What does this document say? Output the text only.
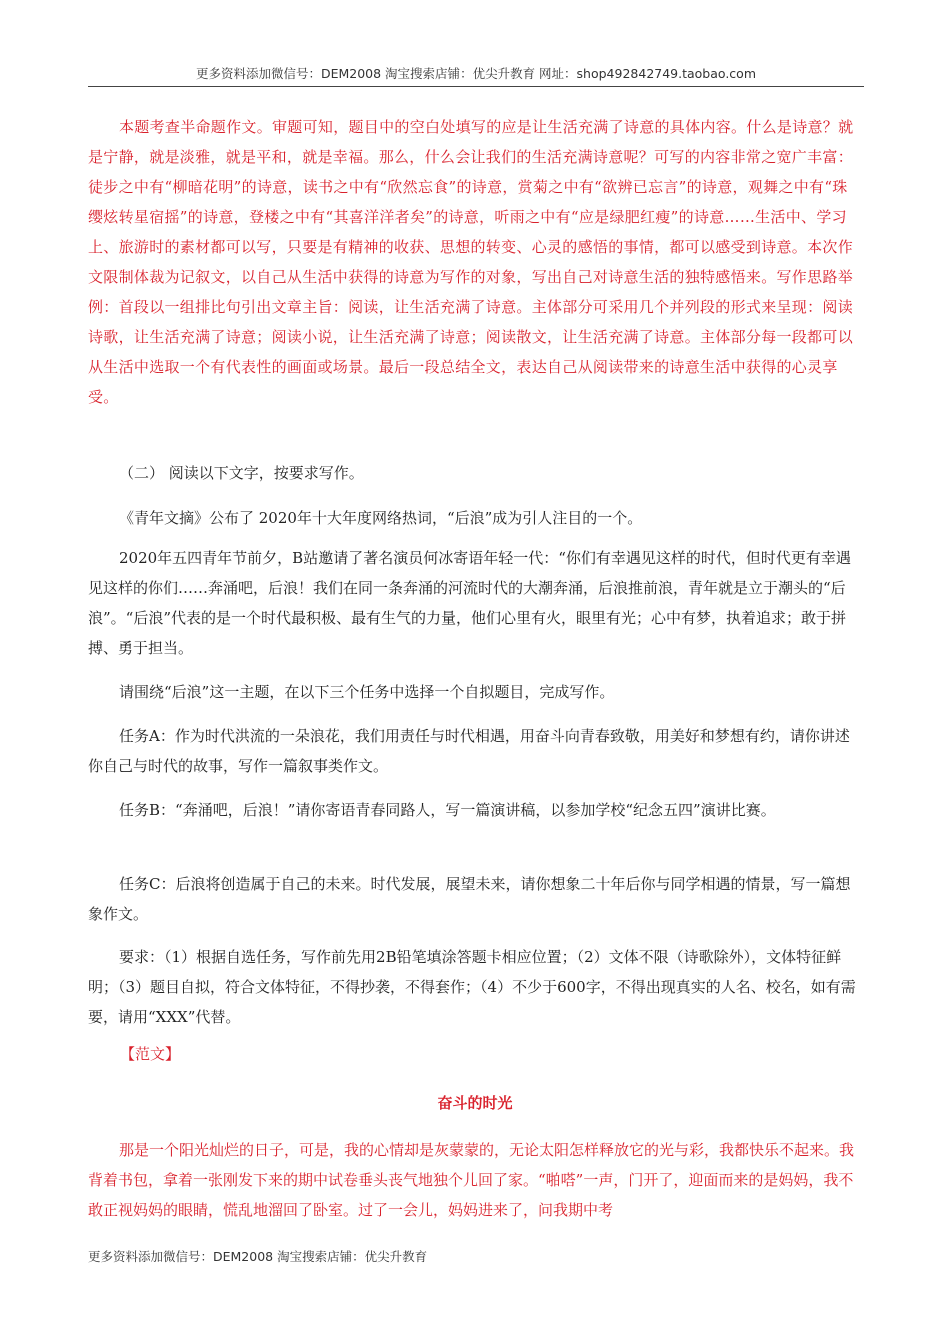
更多资料添加微信号：DEM2008 淘宝搜索店铺：优尖升教育 网址：shop492842749.taobao.com

本题考查半命题作文。审题可知，题目中的空白处填写的应是让生活充满了诗意的具体内容。什么是诗意？就是宁静，就是淡雅，就是平和，就是幸福。那么，什么会让我们的生活充满诗意呢？可写的内容非常之宽广丰富：徒步之中有“柳暗花明”的诗意，读书之中有“欣然忘食”的诗意，赏菊之中有“欲辨已忘言”的诗意，观舞之中有“珠缨炫转星宿摇”的诗意，登楼之中有“其喜洋洋者矣”的诗意，听雨之中有“应是绿肥红瘦”的诗意……生活中、学习上、旅游时的素材都可以写，只要是有精神的收获、思想的转变、心灵的感悟的事情，都可以感受到诗意。本次作文限制体裁为记叙文，以自己从生活中获得的诗意为写作的对象，写出自己对诗意生活的独特感悟来。写作思路举例：首段以一组排比句引出文章主旨：阅读，让生活充满了诗意。主体部分可采用几个并列段的形式来呈现：阅读诗歌，让生活充满了诗意；阅读小说，让生活充满了诗意；阅读散文，让生活充满了诗意。主体部分每一段都可以从生活中选取一个有代表性的画面或场景。最后一段总结全文，表达自己从阅读带来的诗意生活中获得的心灵享受。

（二） 阅读以下文字，按要求写作。

《青年文摘》公布了 2020年十大年度网络热词，“后浪”成为引人注目的一个。

2020年五四青年节前夕，B站邀请了著名演员何冰寄语年轻一代：“你们有幸遇见这样的时代，但时代更有幸遇见这样的你们……奔涌吧，后浪！我们在同一条奔涌的河流时代的大潮奔涌，后浪推前浪，青年就是立于潮头的“后浪”。“后浪”代表的是一个时代最积极、最有生气的力量，他们心里有火，眼里有光；心中有梦，执着追求；敢于拼搏、勇于担当。

请围绕“后浪”这一主题，在以下三个任务中选择一个自拟题目，完成写作。

任务A：作为时代洪流的一朵浪花，我们用责任与时代相遇，用奋斗向青春致敬，用美好和梦想有约，请你讲述你自己与时代的故事，写作一篇叙事类作文。

任务B：“奔涌吧，后浪！”请你寄语青春同路人，写一篇演讲稿，以参加学校“纪念五四”演讲比赛。

任务C：后浪将创造属于自己的未来。时代发展，展望未来，请你想象二十年后你与同学相遇的情景，写一篇想象作文。

要求：（1）根据自选任务，写作前先用2B铅笔填涂答题卡相应位置；（2）文体不限（诗歌除外），文体特征鲜明；（3）题目自拟，符合文体特征，不得抄袭，不得套作；（4）不少于600字，不得出现真实的人名、校名，如有需要，请用“XXX”代替。

【范文】

奋斗的时光

那是一个阳光灿烂的日子，可是，我的心情却是灰蒙蒙的，无论太阳怎样释放它的光与彩，我都快乐不起来。我背着书包，拿着一张刚发下来的期中试卷垂头丧气地独个儿回了家。“啪嗒”一声，门开了，迎面而来的是妈妈，我不敢正视妈妈的眼睛，慌乱地溜回了卧室。过了一会儿，妈妈进来了，问我期中考

更多资料添加微信号：DEM2008 淘宝搜索店铺：优尖升教育
